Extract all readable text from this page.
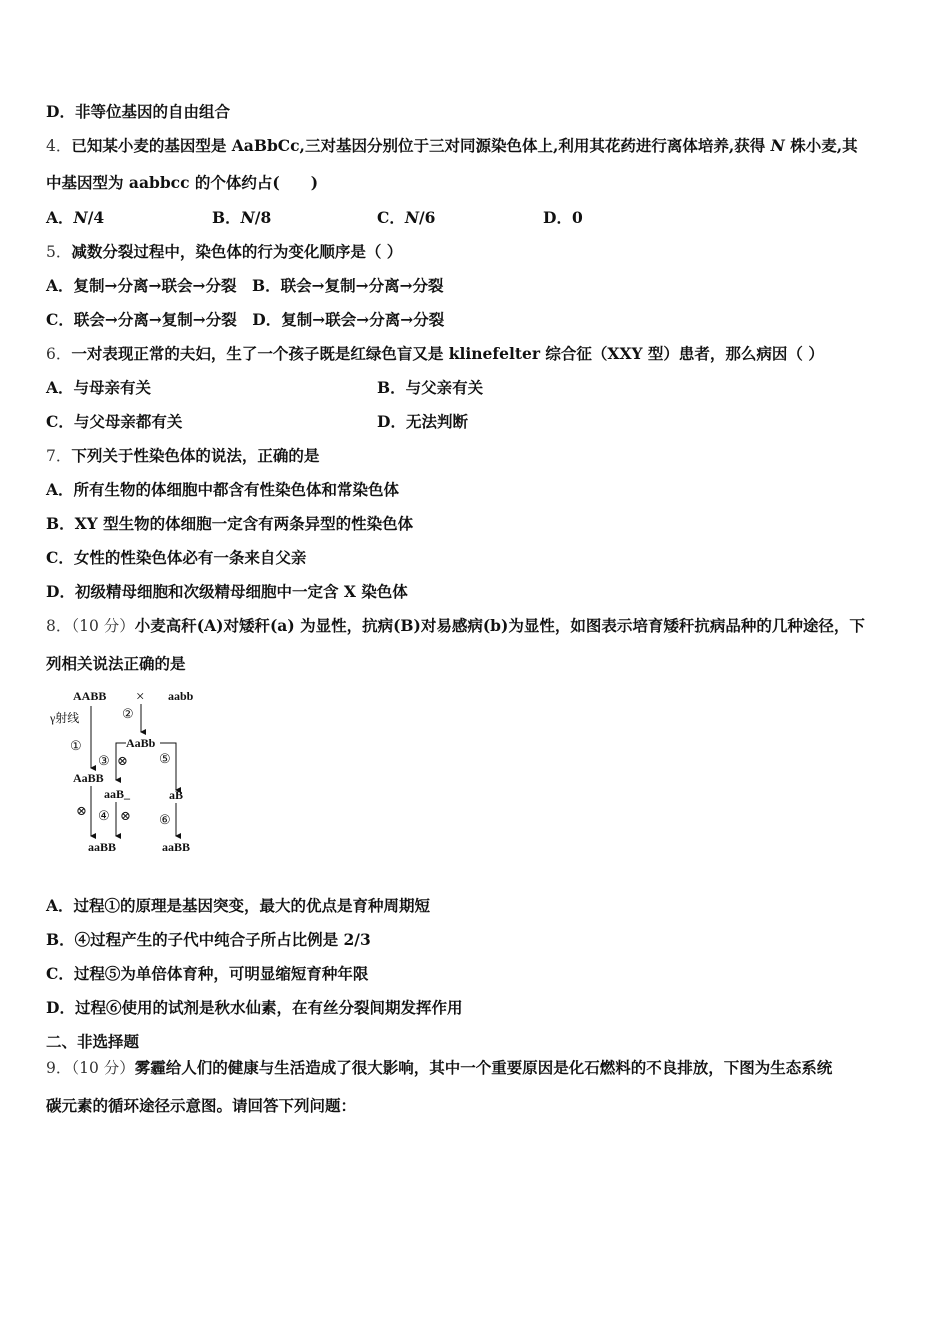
D．非等位基因的自由组合
4．已知某小麦的基因型是 AaBbCc,三对基因分别位于三对同源染色体上,利用其花药进行离体培养,获得 N 株小麦,其
中基因型为 aabbcc 的个体约占(　　)
A．N/4	B．N/8	C．N/6	D．0
5．减数分裂过程中，染色体的行为变化顺序是（ ）
A．复制→分离→联会→分裂　B．联会→复制→分离→分裂
C．联会→分离→复制→分裂　D．复制→联会→分离→分裂
6．一对表现正常的夫妇，生了一个孩子既是红绿色盲又是 klinefelter 综合征（XXY 型）患者，那么病因（ ）
A．与母亲有关	B．与父亲有关
C．与父母亲都有关	D．无法判断
7．下列关于性染色体的说法，正确的是
A．所有生物的体细胞中都含有性染色体和常染色体
B．XY 型生物的体细胞一定含有两条异型的性染色体
C．女性的性染色体必有一条来自父亲
D．初级精母细胞和次级精母细胞中一定含 X 染色体
8．（10 分）小麦高秆(A)对矮秆(a) 为显性，抗病(B)对易感病(b)为显性，如图表示培育矮秆抗病品种的几种途径，下
列相关说法正确的是
AABB × aabb
γ射线
①
②
AaBb
③ ⊗ ⑤
AaBB
aaB_	aB
⊗ ④ ⊗ ⑥
aaBB	aaBB
A．过程①的原理是基因突变，最大的优点是育种周期短
B．④过程产生的子代中纯合子所占比例是 2/3
C．过程⑤为单倍体育种，可明显缩短育种年限
D．过程⑥使用的试剂是秋水仙素，在有丝分裂间期发挥作用
二、非选择题
9．（10 分）雾霾给人们的健康与生活造成了很大影响，其中一个重要原因是化石燃料的不良排放，下图为生态系统
碳元素的循环途径示意图。请回答下列问题：
